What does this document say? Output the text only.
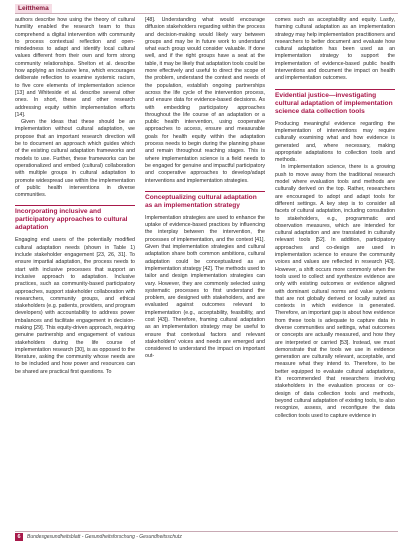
Leitthema

authors describe how using the theory of cultural humility enabled the research team to thus comprehend a digital intervention with community to process contextual reflection and open-mindedness to adapt and identify local cultural values different from their own and form strong community relationships. Shelton et al. describe how applying an inclusive lens, which encourages deliberate reflection to examine systemic racism, to five core elements of implementation science [13] and Whiteside et al. describe several other ones. In short, these and other research addressing equity within implementation efforts [14].

Given the ideas that these should be an implementation without cultural adaptation, we propose that an important research direction will be to document an approach which guides which of the existing cultural adaptation frameworks and models to use. Further, these frameworks can be operationalized and embed (cultural) collaboration with multiple groups in cultural adaptation to promote widespread use within the implementation of public health interventions in diverse communities.

Incorporating inclusive and participatory approaches to cultural adaptation

Engaging end users of the potentially modified cultural adaptation needs (shown in Table 1) include stakeholder engagement [23, 26, 31]. To ensure impartial adaptation, the process needs to start with inclusive processes that support an inclusive approach to adaptation. Inclusive practices, such as community-based participatory approaches, support stakeholder collaboration with researchers, community groups, and ethical stakeholders (e.g. patients, providers, and program developers) with accountability to address power imbalances and facilitate engagement in decision-making [29]. This equity-driven approach, requiring genuine partnership and engagement of various stakeholders during the life course of implementation research [30], is as opposed to the literature, asking the community whose needs are to be included and how power and resources can be shared are practical first questions. To

[48]. Understanding what would encourage diffusion stakeholders regarding within the process and decision-making would likely vary between groups and may be in future work to understand what each group would consider valuable. If done well, and if the right groups have a seat at the table, it may be likely that adaptation tools could be more effectively and useful to direct the scope of the problem, understand the context and needs of the population, establish ongoing partnerships across the life cycle of the intervention process, and ensure data for evidence-based decisions. As with embedding participatory approaches throughout the life course of an adaptation or a public health intervention, using cooperative approaches to access, ensure and measurable goals for health equity within the adaptation process needs to begin during the planning phase and remain throughout reaching stages. This is where implementation science is a field needs to be engaged for genuine and impactful participatory and cooperative approaches to develop/adapt interventions and implementation strategies.

Conceptualizing cultural adaptation as an implementation strategy

Implementation strategies are used to enhance the uptake of evidence-based practices by influencing the interplay between the intervention, the processes of implementation, and the context [41]. Given that implementation strategies and cultural adaptation share both common ambitions, cultural adaptation could be conceptualized as an implementation strategy [42]. The methods used to tailor and design implementation strategies can vary. However, they are commonly selected using systematic processes to first understand the problem, are designed with stakeholders, and are evaluated against outcomes relevant to implementation (e.g., acceptability, feasibility, and cost [43]). Therefore, framing cultural adaptation as an implementation strategy may be useful to ensure that contextual factors and relevant stakeholders' voices and needs are emerged and considered to understand the impact on important out-

comes such as acceptability and equity. Lastly, framing cultural adaptation as an implementation strategy may help implementation practitioners and researchers to better document and evaluate how cultural adaptation has been used as an implementation strategy to support the implementation of evidence-based public health interventions and document the impact on health and implementation outcomes.

Evidential justice—investigating cultural adaptation of implementation science data collection tools

Producing meaningful evidence regarding the implementation of interventions may require culturally examining what and how evidence is generated and, where necessary, making appropriate adaptations to collection tools and methods.

In implementation science, there is a growing push to move away from the traditional research model where evaluation tools and methods are culturally derived on the top. Rather, researchers are encouraged to adopt and adapt tools for different settings. A key step is to consider all facets of cultural adaptation, including consultation to stakeholders, e.g., programmatic and observation measures, which are intended for cultural adaptation and are translated in culturally relevant tools [52]. In addition, participatory approaches and co-design are used in implementation science to ensure the community voices and values are reflected in research [43]. However, a shift occurs more commonly when the tools used to collect and synthesize evidence are only with existing outcomes or evidence aligned with dominant cultural norms and value systems that are not globally derived or locally suited as contexts in which evidence is generated. Therefore, an important gap is about how evidence from these tools is adequate to capture data in diverse communities and settings, what outcomes or concepts are actually measured, and how they are interpreted or carried [53]. Instead, we must demonstrate that the tools we use in evidence generation are culturally relevant, acceptable, and measure what they intend to. Therefore, to be better equipped to evaluate cultural adaptations, it's recommended that researchers involving stakeholders in the evaluation process or co-design of data collection tools and methods, beyond cultural adaptation of existing tools, to also recognize, assess, and reconfigure the data collection tools used to capture evidence in

6	Bundesgesundheitsblatt - Gesundheitsforschung - Gesundheitsschutz
